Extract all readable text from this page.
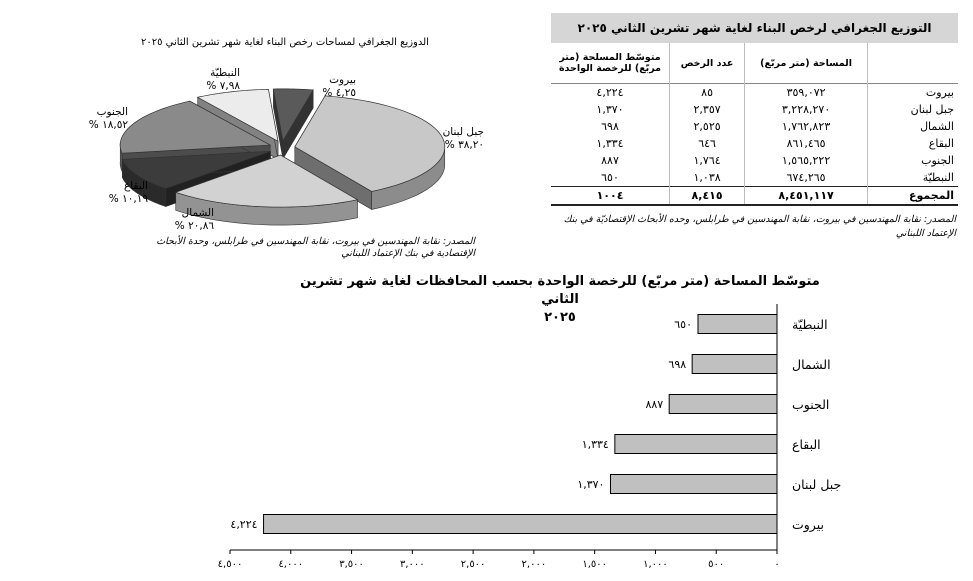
الدوزيع الجغرافي لمساحات رخص البناء لغاية شهر تشرين الثاني ٢٠٢٥
بيروت
٤,٢٥ %
جبل لبنان
٣٨,٢٠ %
الشمال
٢٠,٨٦ %
البقاع
١٠,١٩ %
الجنوب
١٨,٥٢ %
النبطيّة
٧,٩٨ %
المصدر: نقابة المهندسين في بيروت، نقابة المهندسين في طرابلس، وحدة الأبحاث الإقتصادية في بنك الإعتماد اللبناني
التوزيع الجغرافي لرخص البناء لغاية شهر تشرين الثاني ٢٠٢٥			
	المساحة (متر مربّع)	عدد الرخص	متوسّط المسلحة (متر مربّع) للرخصة الواحدة
بيروت	٣٥٩,٠٧٢	٨٥	٤,٢٢٤
جبل لبنان	٣,٢٢٨,٢٧٠	٢,٣٥٧	١,٣٧٠
الشمال	١,٧٦٢,٨٢٣	٢,٥٢٥	٦٩٨
البقاع	٨٦١,٤٦٥	٦٤٦	١,٣٣٤
الجنوب	١,٥٦٥,٢٢٢	١,٧٦٤	٨٨٧
النبطيّة	٦٧٤,٢٦٥	١,٠٣٨	٦٥٠
المجموع	٨,٤٥١,١١٧	٨,٤١٥	١٠٠٤
المصدر: نقابة المهندسين في بيروت، نقابة المهندسين في طرابلس، وحده الأبحاث الإقتصاديّة في بنك الإعتماد اللبناني
متوسّط المساحة (متر مربّع) للرخصة الواحدة بحسب المحافظات لغاية شهر تشرين الثاني
٢٠٢٥
٠
٥٠٠
١,٠٠٠
١,٥٠٠
٢,٠٠٠
٢,٥٠٠
٣,٠٠٠
٣,٥٠٠
٤,٠٠٠
٤,٥٠٠
٦٥٠	النبطيّة
٦٩٨	الشمال
٨٨٧	الجنوب
١,٣٣٤	البقاع
١,٣٧٠	جبل لبنان
٤,٢٢٤	بيروت
